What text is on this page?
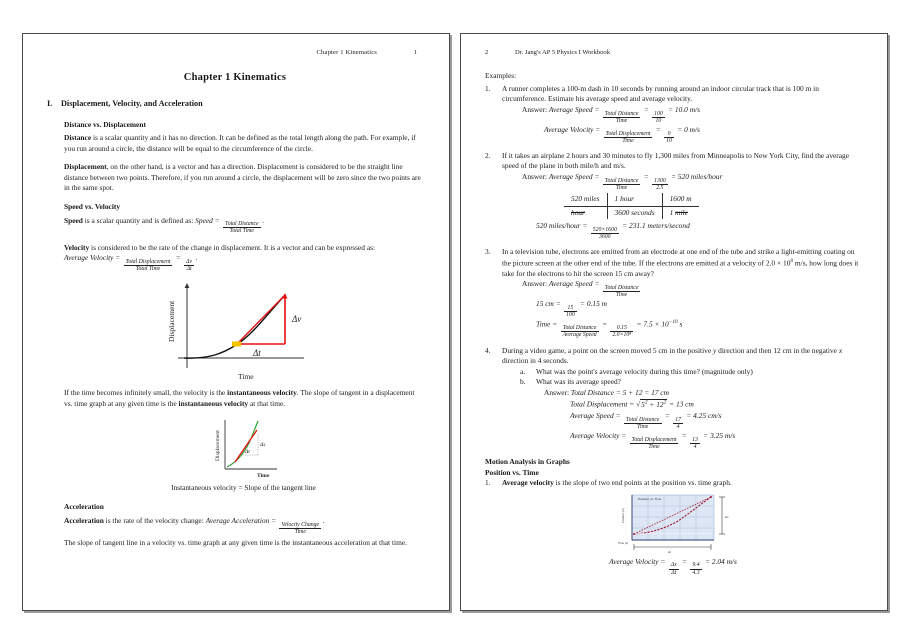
Chapter 1 Kinematics	1
Chapter 1 Kinematics
I. Displacement, Velocity, and Acceleration

Distance vs. Displacement

Distance is a scalar quantity and it has no direction. It can be defined as the total length along the path. For example, if you run around a circle, the distance will be equal to the circumference of the circle.

Displacement, on the other hand, is a vector and has a direction. Displacement is considered to be the straight line distance between two points. Therefore, if you run around a circle, the displacement will be zero since the two points are in the same spot.

Speed vs. Velocity

Speed is a scalar quantity and is defined as: Speed =
$\frac{\text{Total Distance}}{\text{Total Time}}$
.

Velocity is considered to be the rate of the change in displacement. It is a vector and can be expressed as: Average Velocity =
$\frac{\text{Total Displacement}}{\text{Total Time}}$
=
$\frac{\Delta v}{\Delta t}$
.

Displacement
Time
Δv
Δt

If the time becomes infinitely small, the velocity is the instantaneous velocity. The slope of tangent in a displacement vs. time graph at any given time is the instantaneous velocity at that time.

Displacement
Time
Δs
Δt
Instantaneous velocity = Slope of the tangent line

Acceleration

Acceleration is the rate of the velocity change: Average Acceleration =
$\frac{\text{Velocity Change}}{\text{Time}}$
.

The slope of tangent line in a velocity vs. time graph at any given time is the instantaneous acceleration at that time.

2	Dr. Jang's AP 5 Physics I Workbook

Examples:

1.	A runner completes a 100-m dash in 10 seconds by running around an indoor circular track that is 100 m in circumference. Estimate his average speed and average velocity.
Answer: Average Speed =
$\frac{\text{Total Distance}}{\text{Time}}$
=
$\frac{100}{10}$
= 10.0 m/s
Average Velocity =
$\frac{\text{Total Displacement}}{\text{Time}}$
=
$\frac{0}{10}$
= 0 m/s
2.	If it takes an airplane 2 hours and 30 minutes to fly 1,300 miles from Minneapolis to New York City, find the average speed of the plane in both mile/h and m/s.
Answer: Average Speed =
$\frac{\text{Total Distance}}{\text{Time}}$
=
$\frac{1300}{2.5}$
= 520 miles/hour
520 miles	1 hour	1600 m
hour	3600 seconds	1 mile
520 miles/hour =
$\frac{520\times 1600}{3600}$
= 231.1 meters/second
3.	In a television tube, electrons are emitted from an electrode at one end of the tube and strike a light-emitting coating on the picture screen at the other end of the tube. If the electrons are emitted at a velocity of $2.0 \times 10^8$ m/s, how long does it take for the electrons to hit the screen 15 cm away?
Answer: Average Speed =
$\frac{\text{Total Distance}}{\text{Time}}$
15 cm =
$\frac{15}{100}$
= 0.15 m
Time =
$\frac{\text{Total Distance}}{\text{Average Speed}}$
=
$\frac{0.15}{\text{2.0×10⁸}}$
= $7.5 \times 10^{-10}$ s
4.	During a video game, a point on the screen moved 5 cm in the positive y direction and then 12 cm in the negative x direction in 4 seconds.
a. What was the point's average velocity during this time? (magnitude only)
b. What was its average speed?
Answer: Total Distance = 5 + 12 = 17 cm
Total Displacement = $√5^2 + 12^2 = 13$ cm
Average Speed =
$\frac{\text{Total Distance}}{\text{Time}}$
=
$\frac{17}{4}$
= 4.25 cm/s
Average Velocity =
$\frac{\text{Total Displacement}}{\text{Time}}$
=
$\frac{13}{4}$
= 3.25 m/s

Motion Analysis in Graphs

Position vs. Time

1. Average velocity is the slope of two end points at the position vs. time graph.
Position vs. Time
Position (m)
Time (s)
Δx
Δt
Average Velocity =
$\frac{\Delta x}{\Delta t}$
=
$\frac{9.4}{4.3}$
= 2.04 m/s
